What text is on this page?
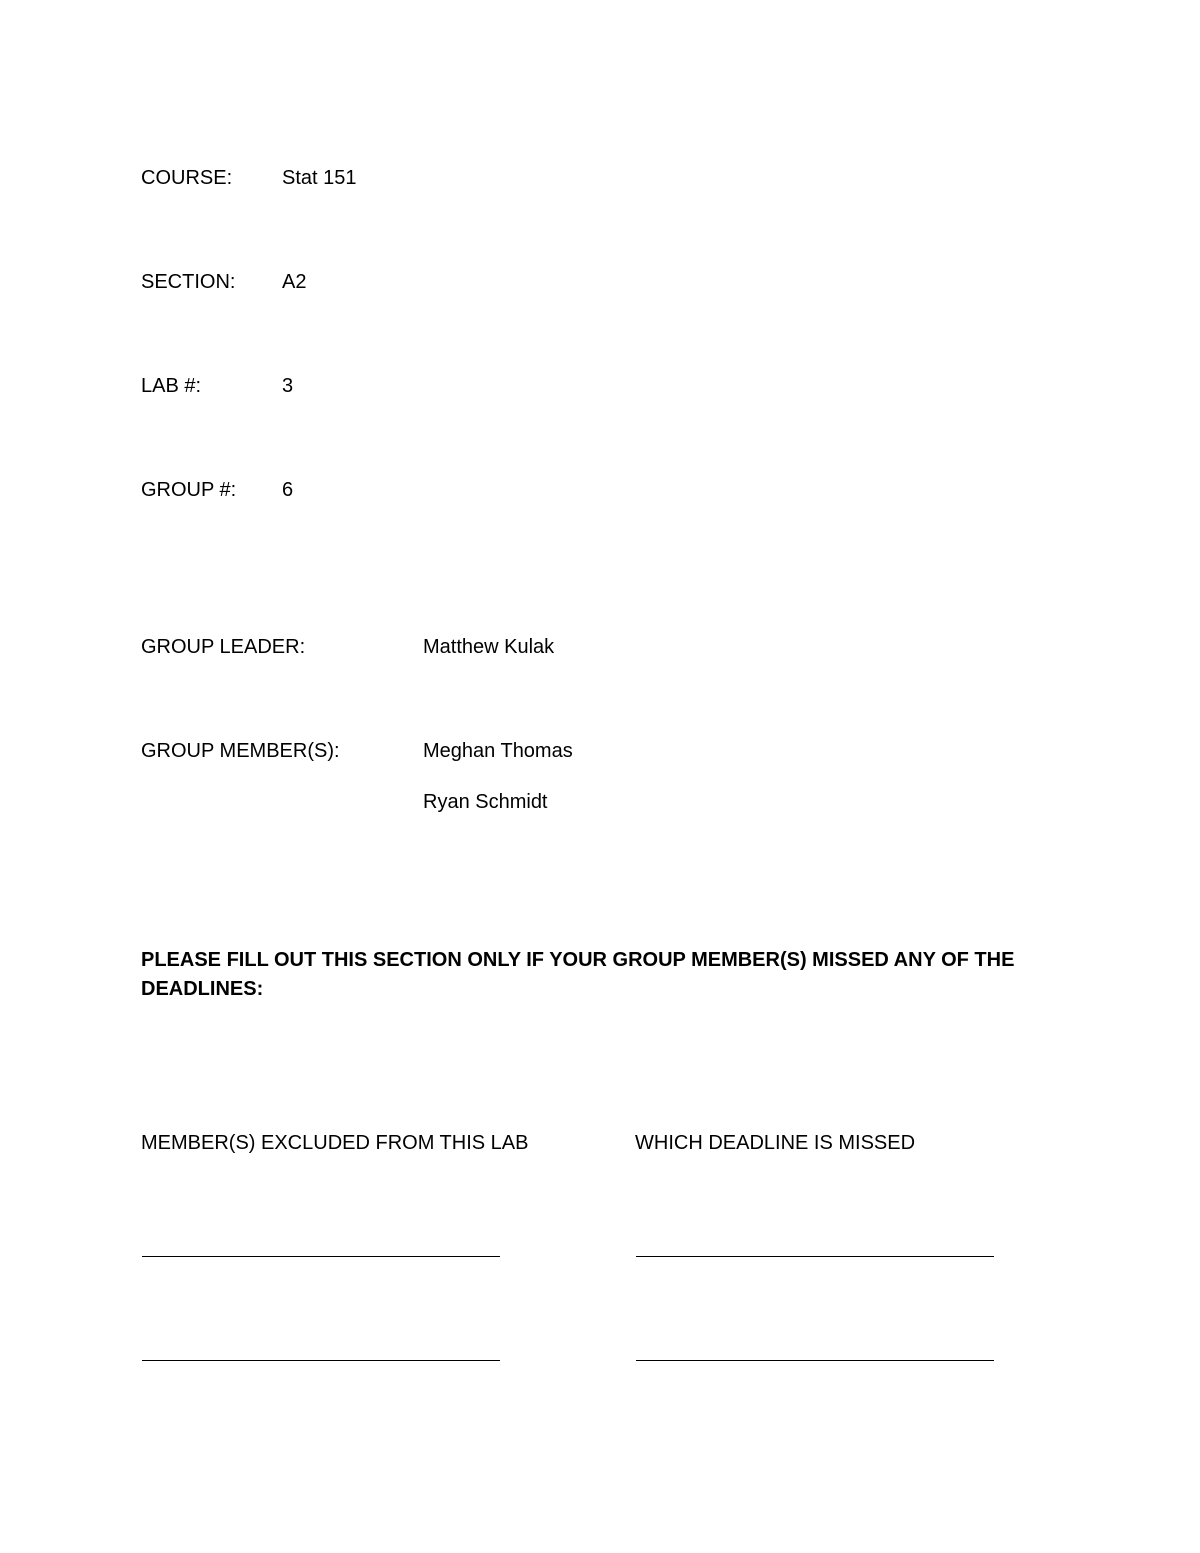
COURSE: Stat 151
SECTION: A2
LAB #:	3
GROUP #: 6
GROUP LEADER:	Matthew Kulak
GROUP MEMBER(S):	Meghan Thomas
Ryan Schmidt
PLEASE FILL OUT THIS SECTION ONLY IF YOUR GROUP MEMBER(S) MISSED ANY OF THE DEADLINES:
MEMBER(S) EXCLUDED FROM THIS LAB	WHICH DEADLINE IS MISSED
